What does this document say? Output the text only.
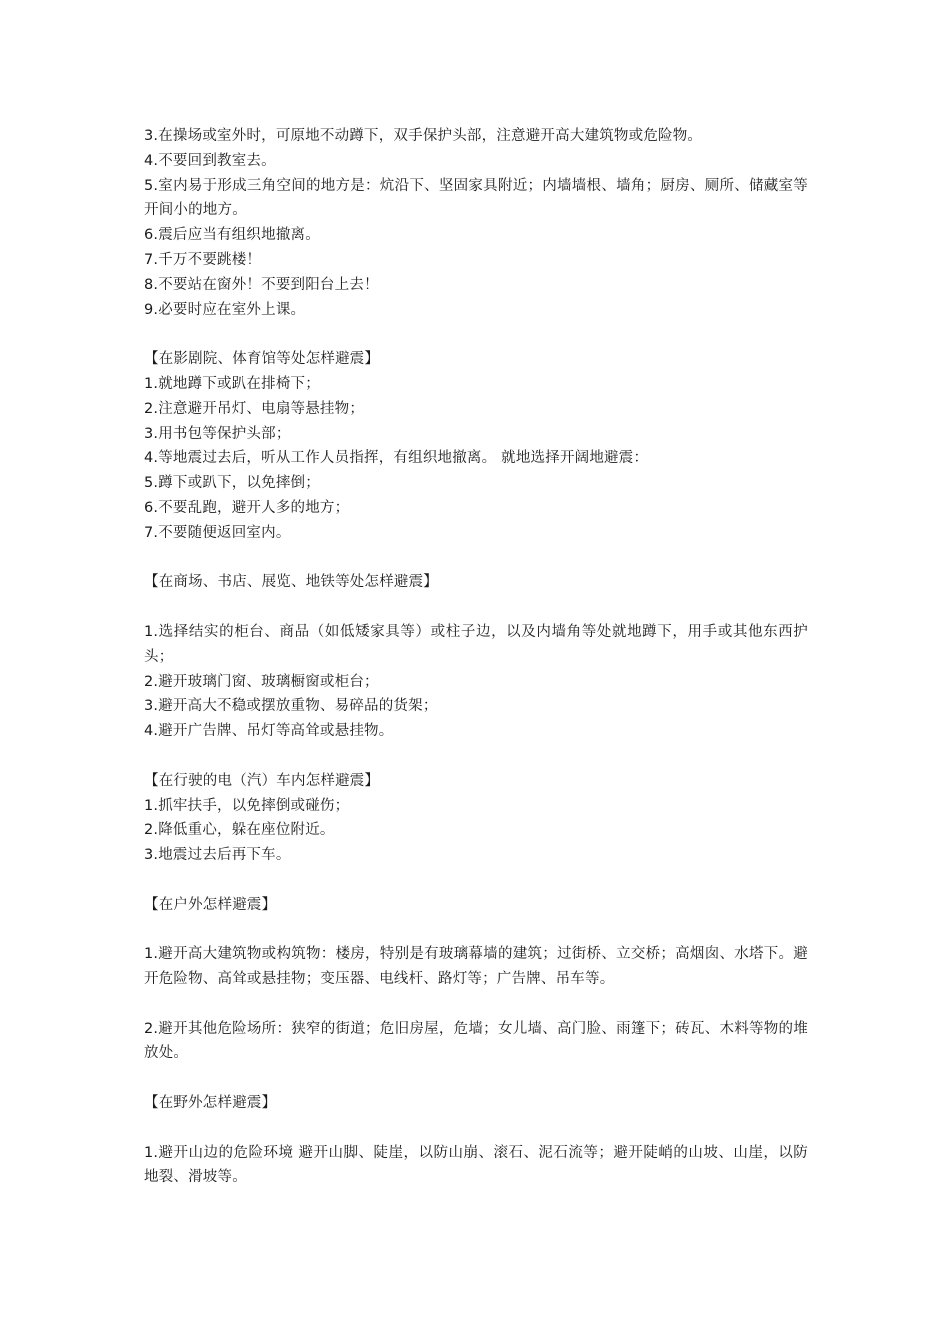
3.在操场或室外时，可原地不动蹲下，双手保护头部，注意避开高大建筑物或危险物。
4.不要回到教室去。
5.室内易于形成三角空间的地方是：炕沿下、坚固家具附近；内墙墙根、墙角；厨房、厕所、储藏室等开间小的地方。
6.震后应当有组织地撤离。
7.千万不要跳楼！
8.不要站在窗外！不要到阳台上去！
9.必要时应在室外上课。
【在影剧院、体育馆等处怎样避震】
1.就地蹲下或趴在排椅下；
2.注意避开吊灯、电扇等悬挂物；
3.用书包等保护头部；
4.等地震过去后，听从工作人员指挥，有组织地撤离。 就地选择开阔地避震：
5.蹲下或趴下，以免摔倒；
6.不要乱跑，避开人多的地方；
7.不要随便返回室内。
【在商场、书店、展览、地铁等处怎样避震】
1.选择结实的柜台、商品（如低矮家具等）或柱子边，以及内墙角等处就地蹲下，用手或其他东西护头；
2.避开玻璃门窗、玻璃橱窗或柜台；
3.避开高大不稳或摆放重物、易碎品的货架；
4.避开广告牌、吊灯等高耸或悬挂物。
【在行驶的电（汽）车内怎样避震】
1.抓牢扶手，以免摔倒或碰伤；
2.降低重心，躲在座位附近。
3.地震过去后再下车。
【在户外怎样避震】
1.避开高大建筑物或构筑物：楼房，特别是有玻璃幕墙的建筑；过街桥、立交桥；高烟囱、水塔下。避开危险物、高耸或悬挂物；变压器、电线杆、路灯等；广告牌、吊车等。
2.避开其他危险场所：狭窄的街道；危旧房屋，危墙；女儿墙、高门脸、雨篷下；砖瓦、木料等物的堆放处。
【在野外怎样避震】
1.避开山边的危险环境 避开山脚、陡崖，以防山崩、滚石、泥石流等；避开陡峭的山坡、山崖，以防地裂、滑坡等。
